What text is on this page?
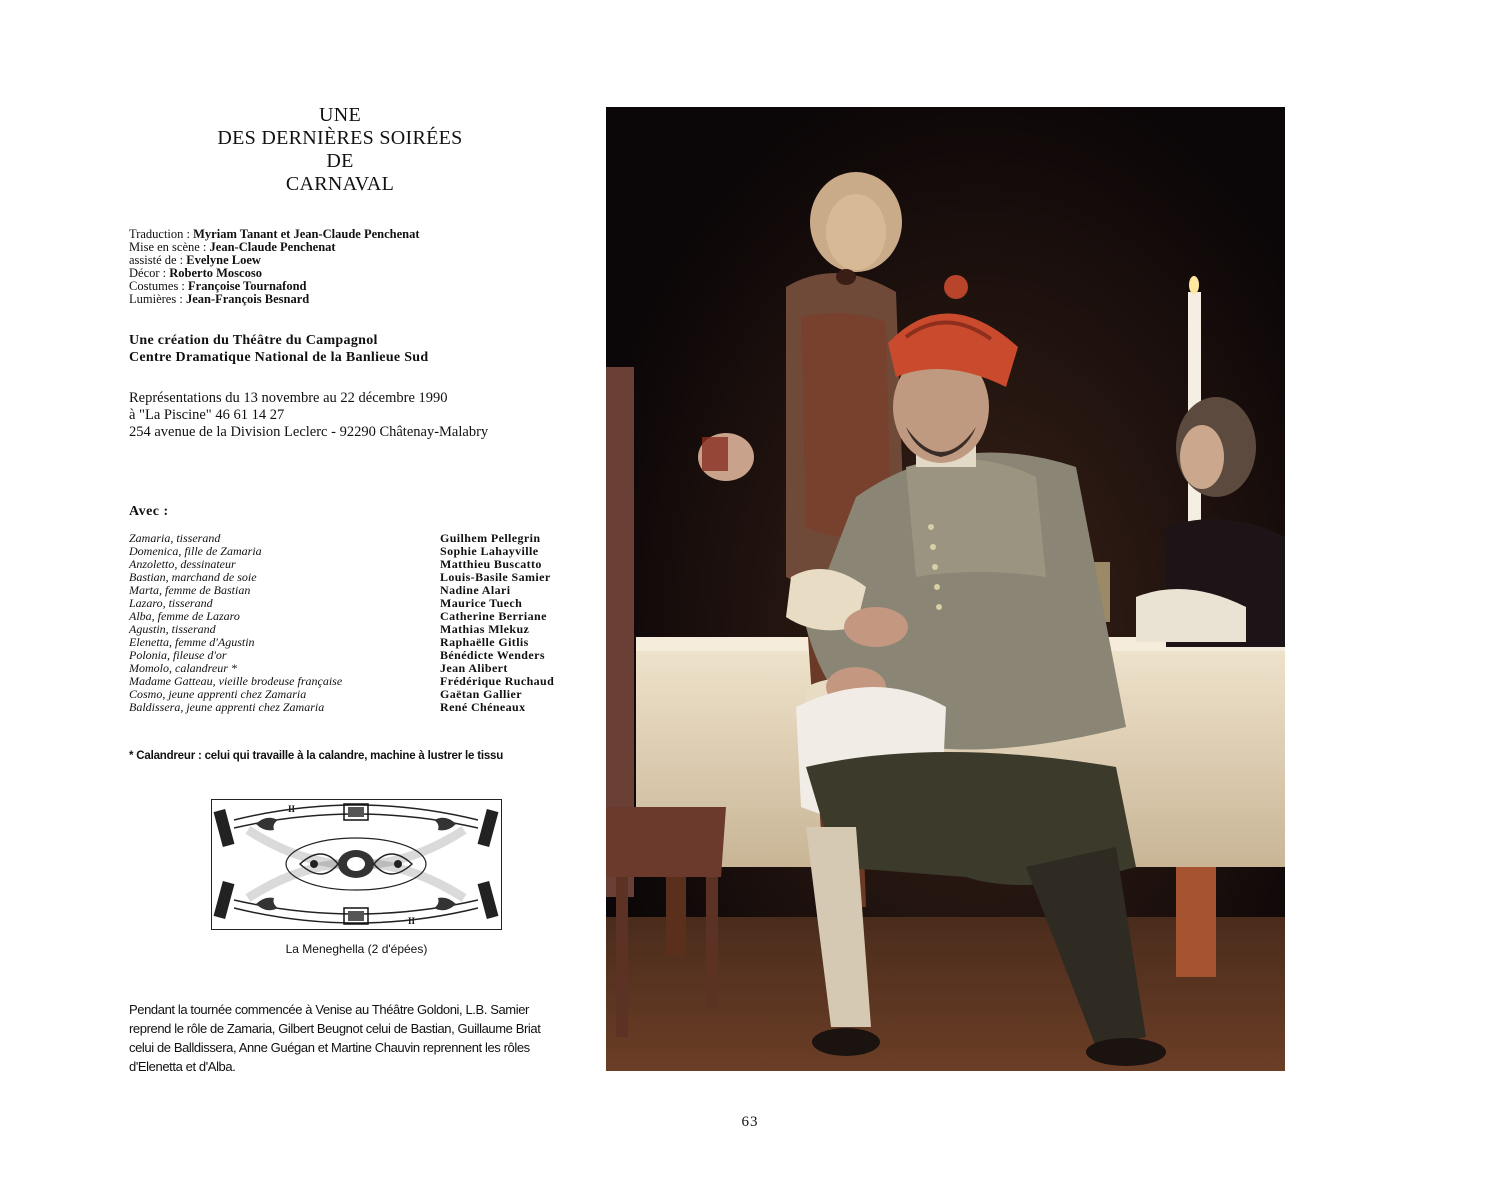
UNE
DES DERNIÈRES SOIRÉES
DE
CARNAVAL
Traduction : Myriam Tanant et Jean-Claude Penchenat
Mise en scène : Jean-Claude Penchenat
assisté de : Evelyne Loew
Décor : Roberto Moscoso
Costumes : Françoise Tournafond
Lumières : Jean-François Besnard
Une création du Théâtre du Campagnol
Centre Dramatique National de la Banlieue Sud
Représentations du 13 novembre au 22 décembre 1990
à "La Piscine" 46 61 14 27
254 avenue de la Division Leclerc - 92290 Châtenay-Malabry
Avec :
Zamaria, tisserand	Guilhem Pellegrin
Domenica, fille de Zamaria	Sophie Lahayville
Anzoletto, dessinateur	Matthieu Buscatto
Bastian, marchand de soie	Louis-Basile Samier
Marta, femme de Bastian	Nadine Alari
Lazaro, tisserand	Maurice Tuech
Alba, femme de Lazaro	Catherine Berriane
Agustin, tisserand	Mathias Mlekuz
Elenetta, femme d'Agustin	Raphaëlle Gitlis
Polonia, fileuse d'or	Bénédicte Wenders
Momolo, calandreur *	Jean Alibert
Madame Gatteau, vieille brodeuse française	Frédérique Ruchaud
Cosmo, jeune apprenti chez Zamaria	Gaëtan Gallier
Baldissera, jeune apprenti chez Zamaria	René Chéneaux
* Calandreur : celui qui travaille à la calandre, machine à lustrer le tissu
II
II
La Meneghella (2 d'épées)
Pendant la tournée commencée à Venise au Théâtre Goldoni, L.B. Samier reprend le rôle de Zamaria, Gilbert Beugnot celui de Bastian, Guillaume Briat celui de Balldissera, Anne Guégan et Martine Chauvin reprennent les rôles d'Elenetta et d'Alba.
63
